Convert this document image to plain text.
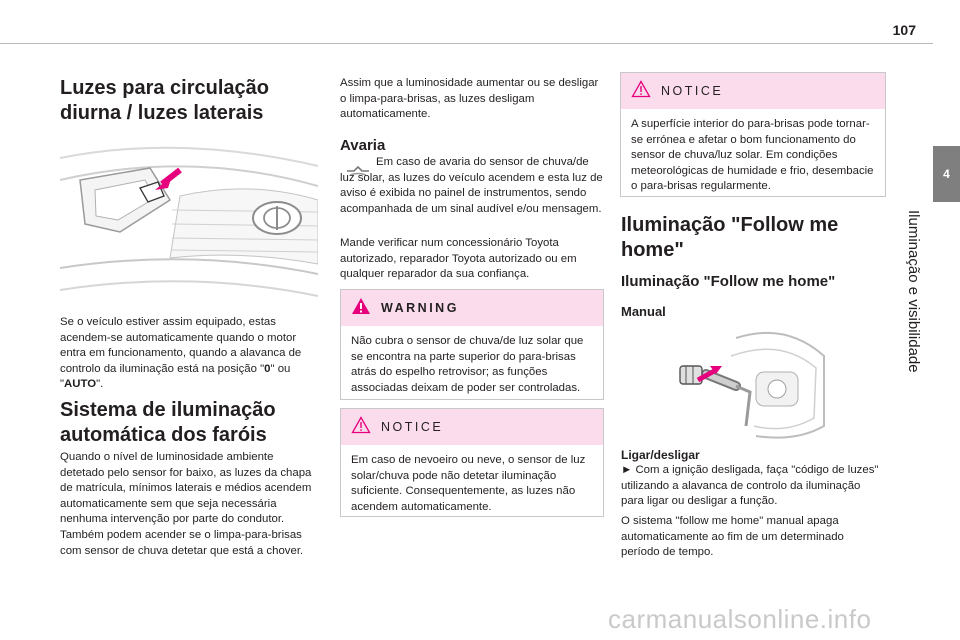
107
4
Iluminação e visibilidade
Luzes para circulação
diurna / luzes laterais

Se o veículo estiver assim equipado, estas acendem-se automaticamente quando o motor entra em funcionamento, quando a alavanca de controlo da iluminação está na posição "0" ou "AUTO".

Sistema de iluminação
automática dos faróis

Quando o nível de luminosidade ambiente detetado pelo sensor for baixo, as luzes da chapa de matrícula, mínimos laterais e médios acendem automaticamente sem que seja necessária nenhuma intervenção por parte do condutor. Também podem acender se o limpa-para-brisas com sensor de chuva detetar que está a chover.

Assim que a luminosidade aumentar ou se desligar o limpa-para-brisas, as luzes desligam automaticamente.

Avaria

Em caso de avaria do sensor de chuva/de luz solar, as luzes do veículo acendem e esta luz de aviso é exibida no painel de instrumentos, sendo acompanhada de um sinal audível e/ou mensagem.

Mande verificar num concessionário Toyota autorizado, reparador Toyota autorizado ou em qualquer reparador da sua confiança.

WARNING

Não cubra o sensor de chuva/de luz solar que se encontra na parte superior do para-brisas atrás do espelho retrovisor; as funções associadas deixam de poder ser controladas.

NOTICE

Em caso de nevoeiro ou neve, o sensor de luz solar/chuva pode não detetar iluminação suficiente. Consequentemente, as luzes não acendem automaticamente.

NOTICE

A superfície interior do para-brisas pode tornar-se errónea e afetar o bom funcionamento do sensor de chuva/luz solar. Em condições meteorológicas de humidade e frio, desembacie o para-brisas regularmente.

Iluminação "Follow me
home"
Iluminação "Follow me home"
Manual
Ligar/desligar

► Com a ignição desligada, faça "código de luzes" utilizando a alavanca de controlo da iluminação para ligar ou desligar a função.

O sistema "follow me home" manual apaga automaticamente ao fim de um determinado período de tempo.

carmanualsonline.info
